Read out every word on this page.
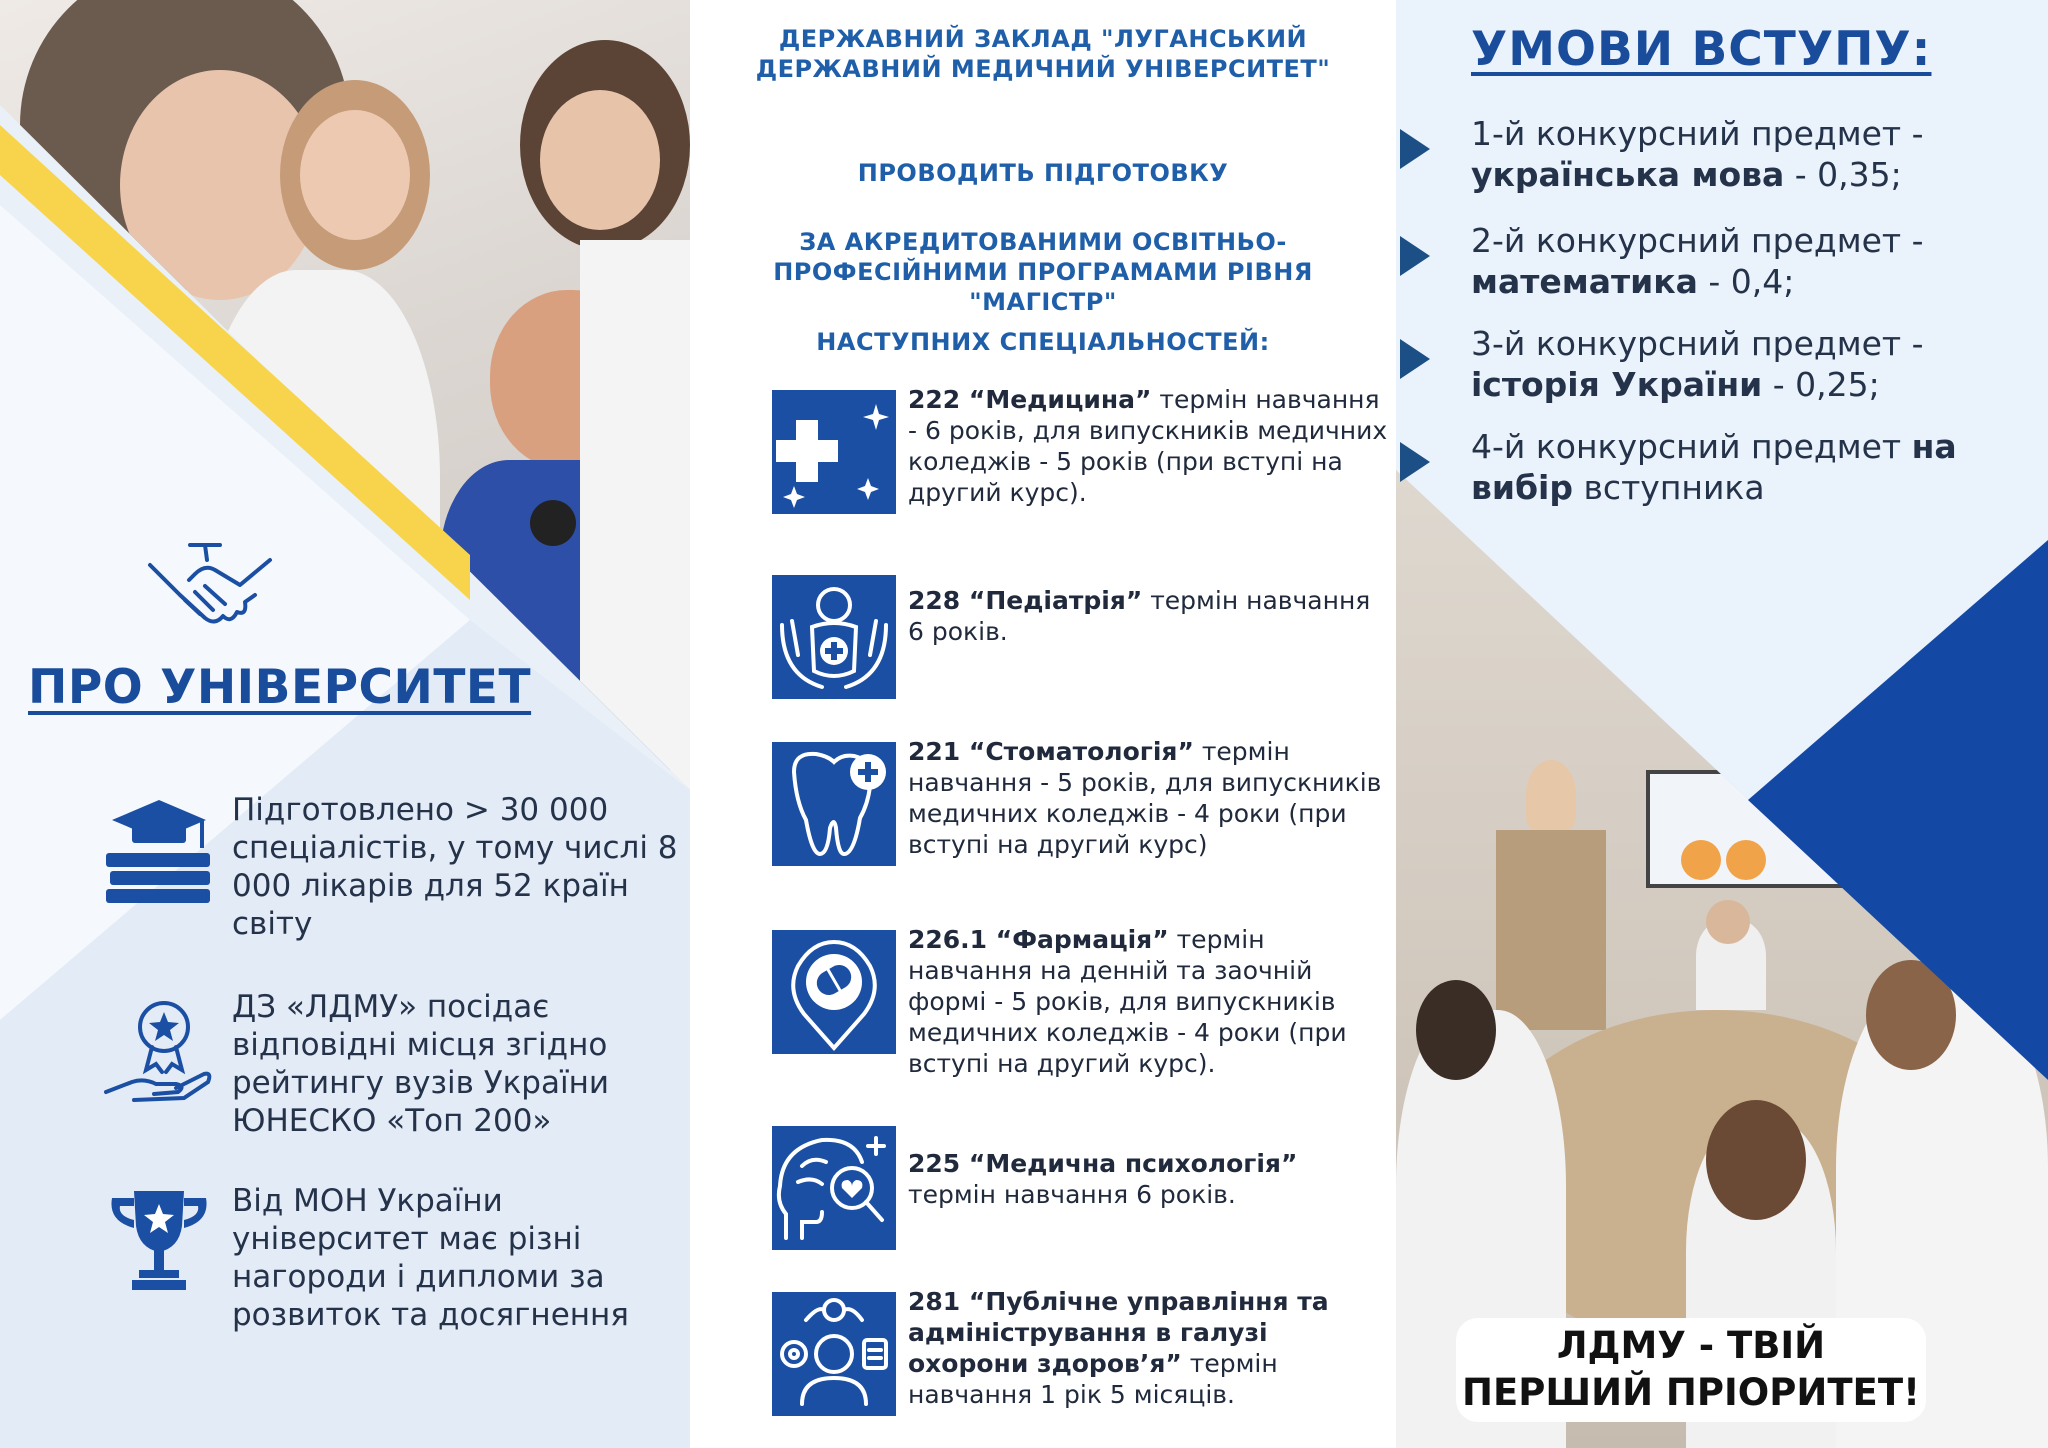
ПРО УНІВЕРСИТЕТ
Підготовлено > 30 000 спеціалістів, у тому числі 8 000 лікарів для 52 країн світу
ДЗ «ЛДМУ» посідає відповідні місця згідно рейтингу вузів України ЮНЕСКО «Топ 200»
Від МОН України університет має різні нагороди і дипломи за розвиток та досягнення
ДЕРЖАВНИЙ ЗАКЛАД "ЛУГАНСЬКИЙ ДЕРЖАВНИЙ МЕДИЧНИЙ УНІВЕРСИТЕТ"
ПРОВОДИТЬ ПІДГОТОВКУ
ЗА АКРЕДИТОВАНИМИ ОСВІТНЬО-ПРОФЕСІЙНИМИ ПРОГРАМАМИ РІВНЯ "МАГІСТР"
НАСТУПНИХ СПЕЦІАЛЬНОСТЕЙ:
222 “Медицина” термін навчання - 6 років, для випускників медичних коледжів - 5 років (при вступі на другий курс).
228 “Педіатрія” термін навчання 6 років.
221 “Стоматологія” термін навчання - 5 років, для випускників медичних коледжів - 4 роки (при вступі на другий курс)
226.1 “Фармація” термін навчання на денній та заочній формі - 5 років, для випускників медичних коледжів - 4 роки (при вступі на другий курс).
225 “Медична психологія” термін навчання 6 років.
281 “Публічне управління та адміністрування в галузі охорони здоров’я” термін навчання 1 рік 5 місяців.
УМОВИ ВСТУПУ:
1-й конкурсний предмет - українська мова - 0,35;
2-й конкурсний предмет - математика - 0,4;
3-й конкурсний предмет - історія України - 0,25;
4-й конкурсний предмет на вибір вступника
ЛДМУ - ТВІЙ ПЕРШИЙ ПРІОРИТЕТ!
